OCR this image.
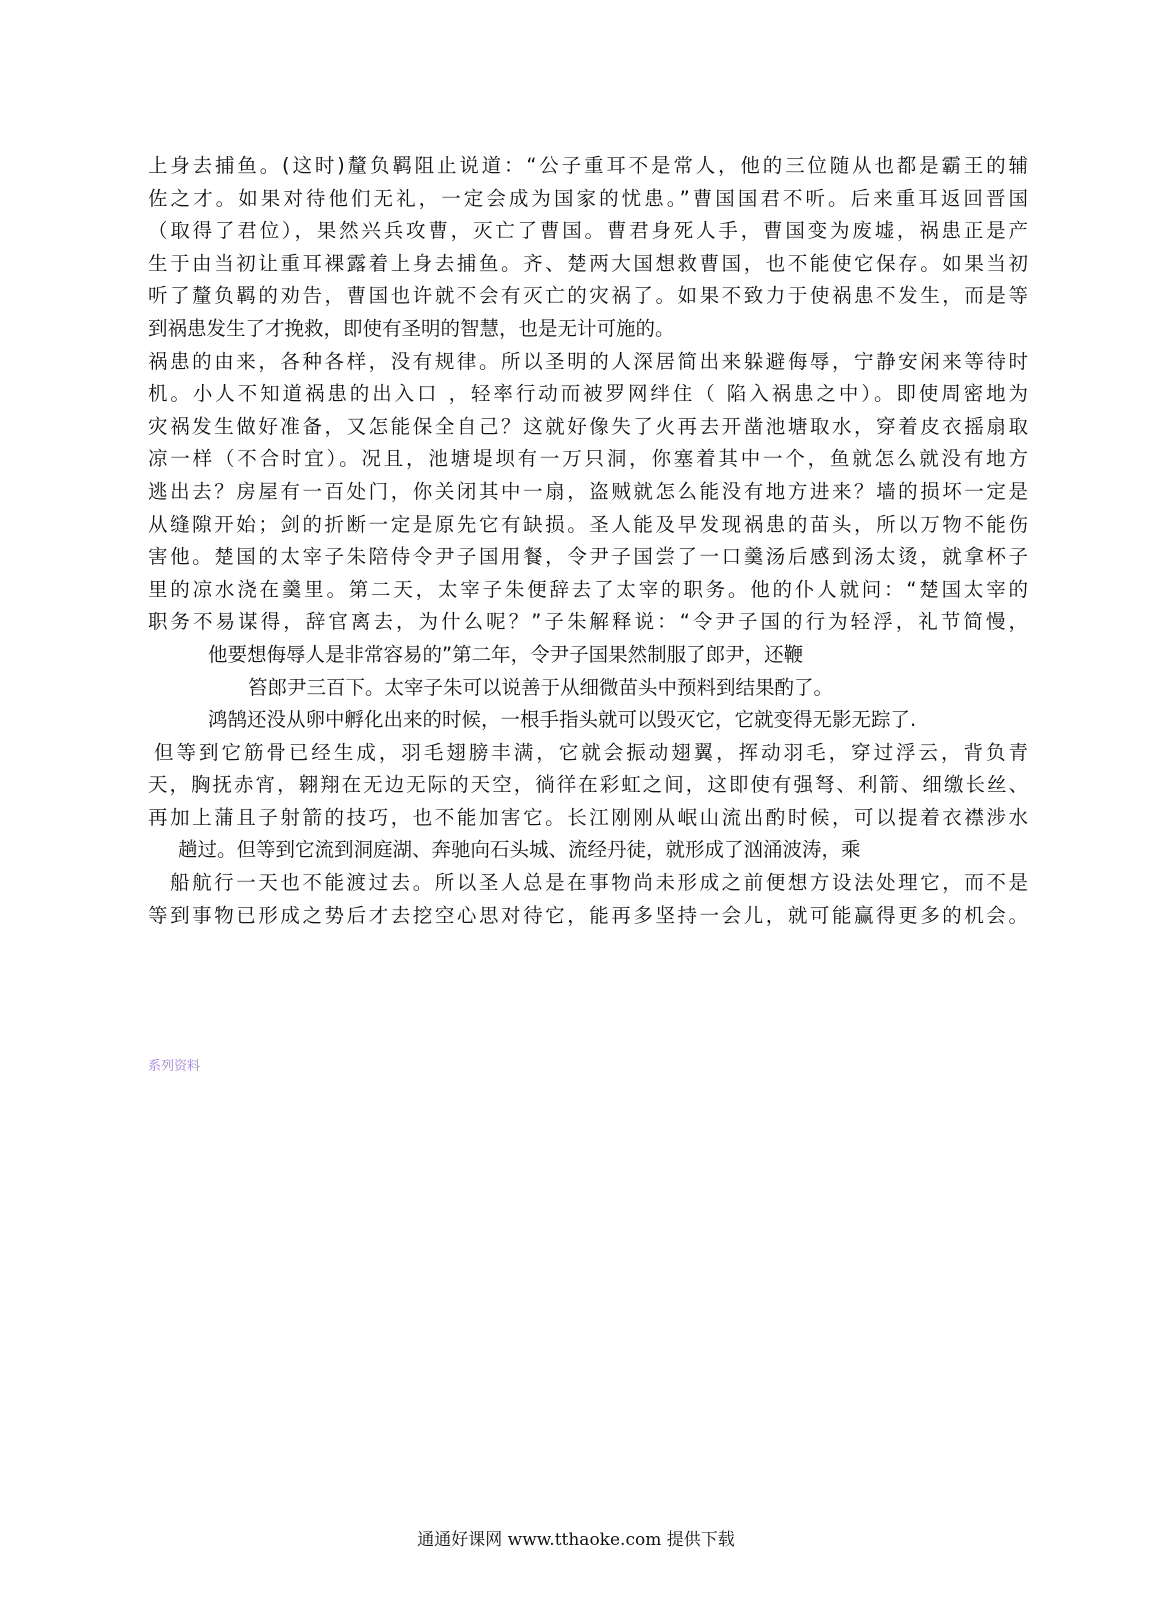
上身去捕鱼。(这时)釐负羁阻止说道：“公子重耳不是常人，他的三位随从也都是霸王的辅
佐之才。如果对待他们无礼，一定会成为国家的忧患。”曹国国君不听。后来重耳返回晋国
（取得了君位），果然兴兵攻曹，灭亡了曹国。曹君身死人手，曹国变为废墟，祸患正是产
生于由当初让重耳裸露着上身去捕鱼。齐、楚两大国想救曹国，也不能使它保存。如果当初
听了釐负羁的劝告，曹国也许就不会有灭亡的灾祸了。如果不致力于使祸患不发生，而是等
到祸患发生了才挽救，即使有圣明的智慧，也是无计可施的。
祸患的由来，各种各样，没有规律。所以圣明的人深居简出来躲避侮辱，宁静安闲来等待时
机。小人不知道祸患的出入口 ，轻率行动而被罗网绊住（ 陷入祸患之中）。即使周密地为
灾祸发生做好准备，又怎能保全自己？这就好像失了火再去开凿池塘取水，穿着皮衣摇扇取
凉一样（不合时宜）。况且，池塘堤坝有一万只洞，你塞着其中一个，鱼就怎么就没有地方
逃出去？房屋有一百处门，你关闭其中一扇，盗贼就怎么能没有地方进来？墙的损坏一定是
从缝隙开始；剑的折断一定是原先它有缺损。圣人能及早发现祸患的苗头，所以万物不能伤
害他。楚国的太宰子朱陪侍令尹子国用餐，令尹子国尝了一口羹汤后感到汤太烫，就拿杯子
里的凉水浇在羹里。第二天，太宰子朱便辞去了太宰的职务。他的仆人就问：“楚国太宰的
职务不易谋得，辞官离去，为什么呢？”子朱解释说：“令尹子国的行为轻浮，礼节简慢，
他要想侮辱人是非常容易的”第二年，令尹子国果然制服了郎尹，还鞭
笞郎尹三百下。太宰子朱可以说善于从细微苗头中预料到结果酌了。
鸿鹄还没从卵中孵化出来的时候，一根手指头就可以毁灭它，它就变得无影无踪了.
但等到它筋骨已经生成，羽毛翅膀丰满，它就会振动翅翼，挥动羽毛，穿过浮云，背负青
天，胸抚赤宵，翱翔在无边无际的天空，徜徉在彩虹之间，这即使有强弩、利箭、细缴长丝、
再加上蒲且子射箭的技巧，也不能加害它。长江刚刚从岷山流出酌时候，可以提着衣襟涉水
趟过。但等到它流到洞庭湖、奔驰向石头城、流经丹徒，就形成了汹涌波涛，乘
船航行一天也不能渡过去。所以圣人总是在事物尚未形成之前便想方设法处理它，而不是
等到事物已形成之势后才去挖空心思对待它，能再多坚持一会儿，就可能赢得更多的机会。
系列资料
通通好课网 www.tthaoke.com 提供下载
